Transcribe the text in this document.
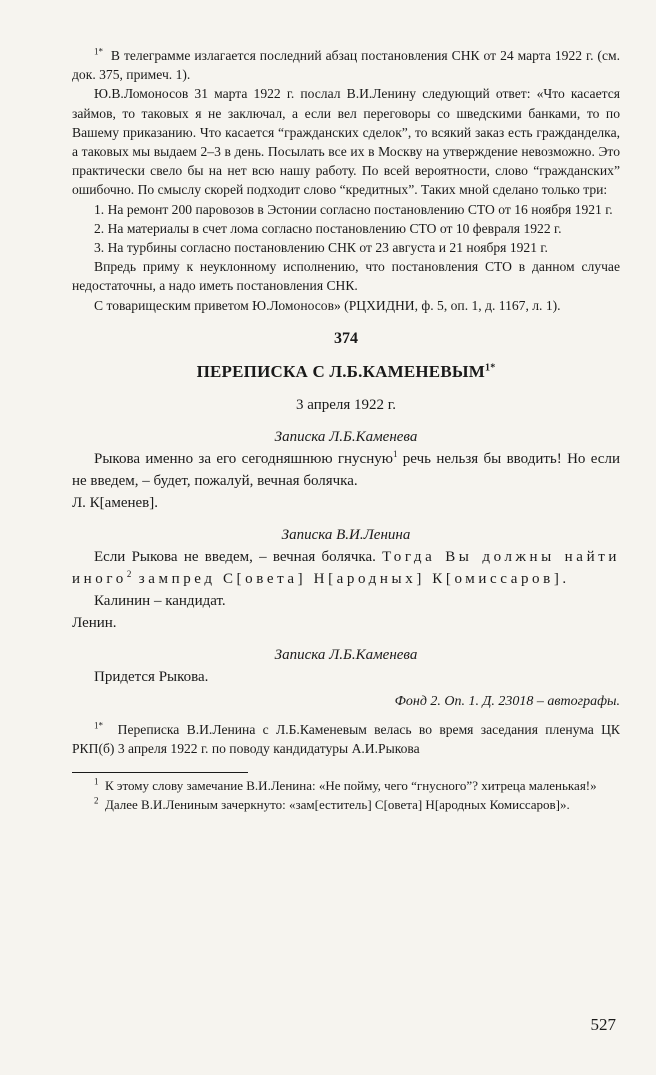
$^{1*}$ В телеграмме излагается последний абзац постановления СНК от 24 марта 1922 г. (см. док. 375, примеч. 1).

Ю.В.Ломоносов 31 марта 1922 г. послал В.И.Ленину следующий ответ: «Что касается займов, то таковых я не заключал, а если вел переговоры со шведскими банками, то по Вашему приказанию. Что касается “гражданских сделок”, то всякий заказ есть гражданделка, а таковых мы выдаем 2–3 в день. Посылать все их в Москву на утверждение невозможно. Это практически свело бы на нет всю нашу работу. По всей вероятности, слово “гражданских” ошибочно. По смыслу скорей подходит слово “кредитных”. Таких мной сделано только три:

1. На ремонт 200 паровозов в Эстонии согласно постановлению СТО от 16 ноября 1921 г.

2. На материалы в счет лома согласно постановлению СТО от 10 февраля 1922 г.

3. На турбины согласно постановлению СНК от 23 августа и 21 ноября 1921 г.

Впредь приму к неуклонному исполнению, что постановления СТО в данном случае недостаточны, а надо иметь постановления СНК.

С товарищеским приветом Ю.Ломоносов» (РЦХИДНИ, ф. 5, оп. 1, д. 1167, л. 1).

374

ПЕРЕПИСКА С $Л.Б.КАМЕНЕВЫМ^{1*}$

3 апреля 1922 г.

Записка Л.Б.Каменева

Рыкова именно за его сегодняшнюю гнусную$^1$ речь нельзя бы вводить! Но если не введем, – будет, пожалуй, вечная болячка.

Л. К[аменев].

Записка В.И.Ленина

Если Рыкова не введем, – вечная болячка. Тогда Вы должны найти иного$^2$ зампред С[овета] Н[ародных] К[омиссаров].

Калинин – кандидат.

Ленин.

Записка Л.Б.Каменева

Придется Рыкова.

Фонд 2. Оп. 1. Д. 23018 – автографы.

$^{1*}$ Переписка В.И.Ленина с Л.Б.Каменевым велась во время заседания пленума ЦК РКП(б) 3 апреля 1922 г. по поводу кандидатуры А.И.Рыкова

$^1$ К этому слову замечание В.И.Ленина: «Не пойму, чего “гнусного”? хитреца маленькая!»

$^2$ Далее В.И.Лениным зачеркнуто: «зам[еститель] С[овета] Н[ародных Комиссаров]».

527
